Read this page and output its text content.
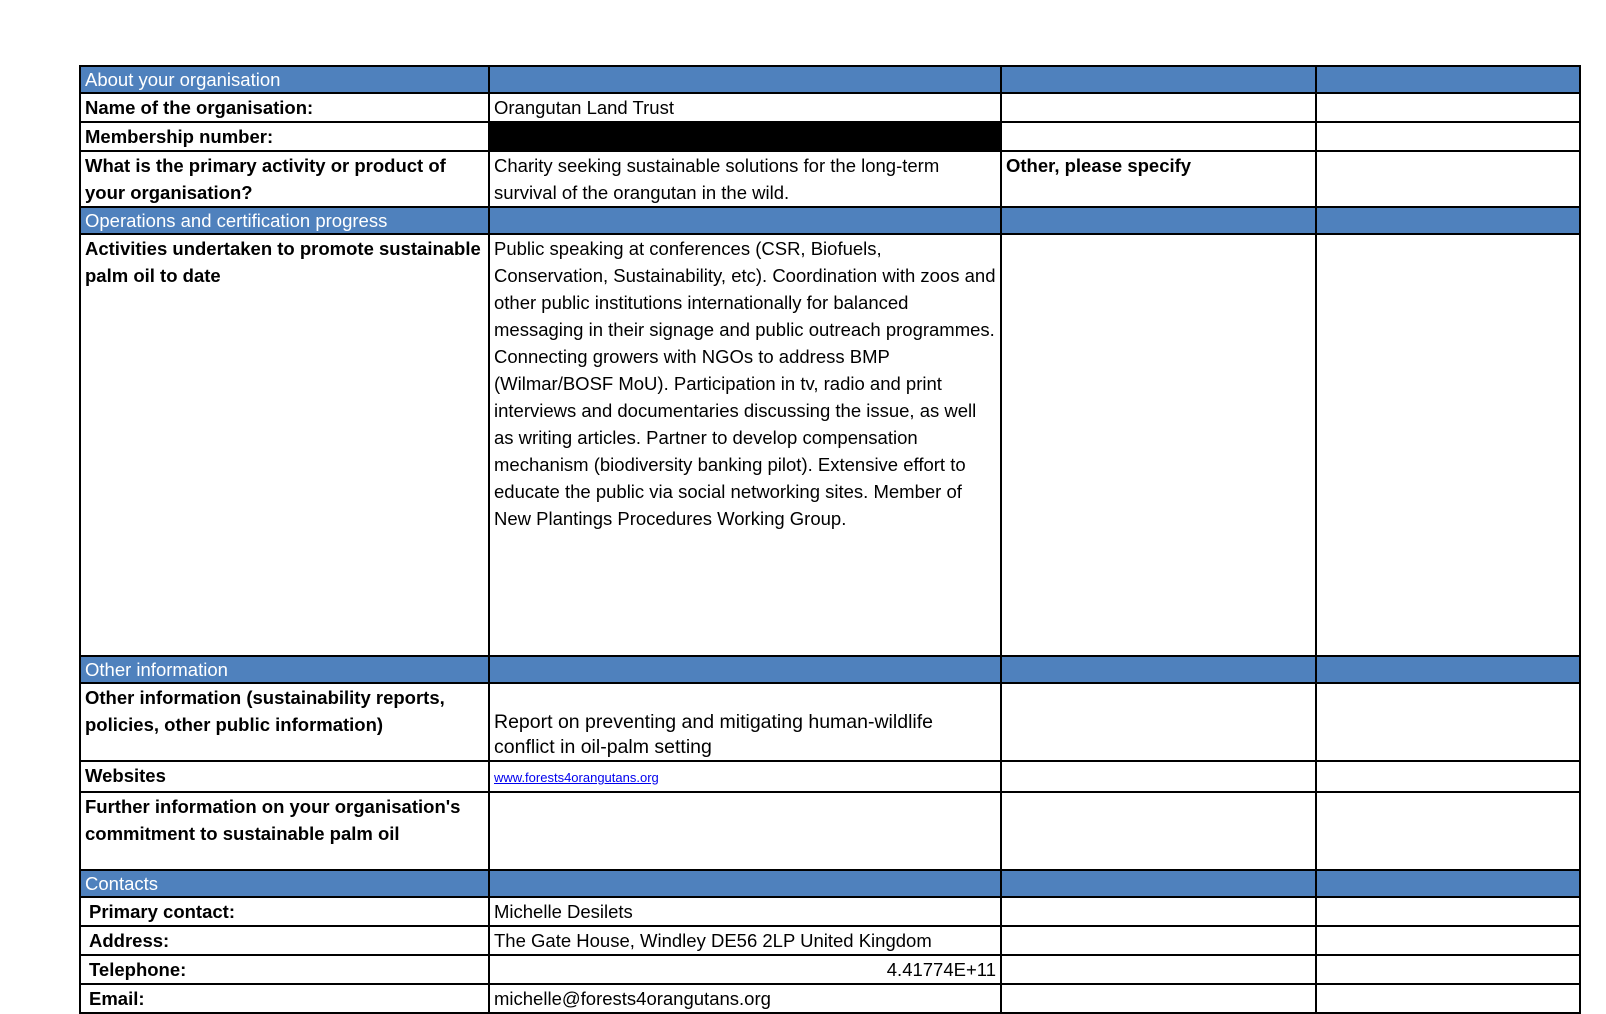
About your organisation			
Name of the organisation:	Orangutan Land Trust		
Membership number:			
What is the primary activity or product of your organisation?	Charity seeking sustainable solutions for the long-term survival of the orangutan in the wild.	Other, please specify	
Operations and certification progress			
Activities undertaken to promote sustainable palm oil to date	Public speaking at conferences (CSR, Biofuels, Conservation, Sustainability, etc). Coordination with zoos and other public institutions internationally for balanced messaging in their signage and public outreach programmes. Connecting growers with NGOs to address BMP (Wilmar/BOSF MoU). Participation in tv, radio and print interviews and documentaries discussing the issue, as well as writing articles. Partner to develop compensation mechanism (biodiversity banking pilot). Extensive effort to educate the public via social networking sites. Member of New Plantings Procedures Working Group.		
Other information			
Other information (sustainability reports, policies, other public information)	Report on preventing and mitigating human-wildlife conflict in oil-palm setting		

Websites	www.forests4orangutans.org		
Further information on your organisation's commitment to sustainable palm oil			
Contacts			
Primary contact:	Michelle Desilets		
Address:	The Gate House, Windley DE56 2LP United Kingdom		
Telephone:	4.41774E+11		
Email:	michelle@forests4orangutans.org		
